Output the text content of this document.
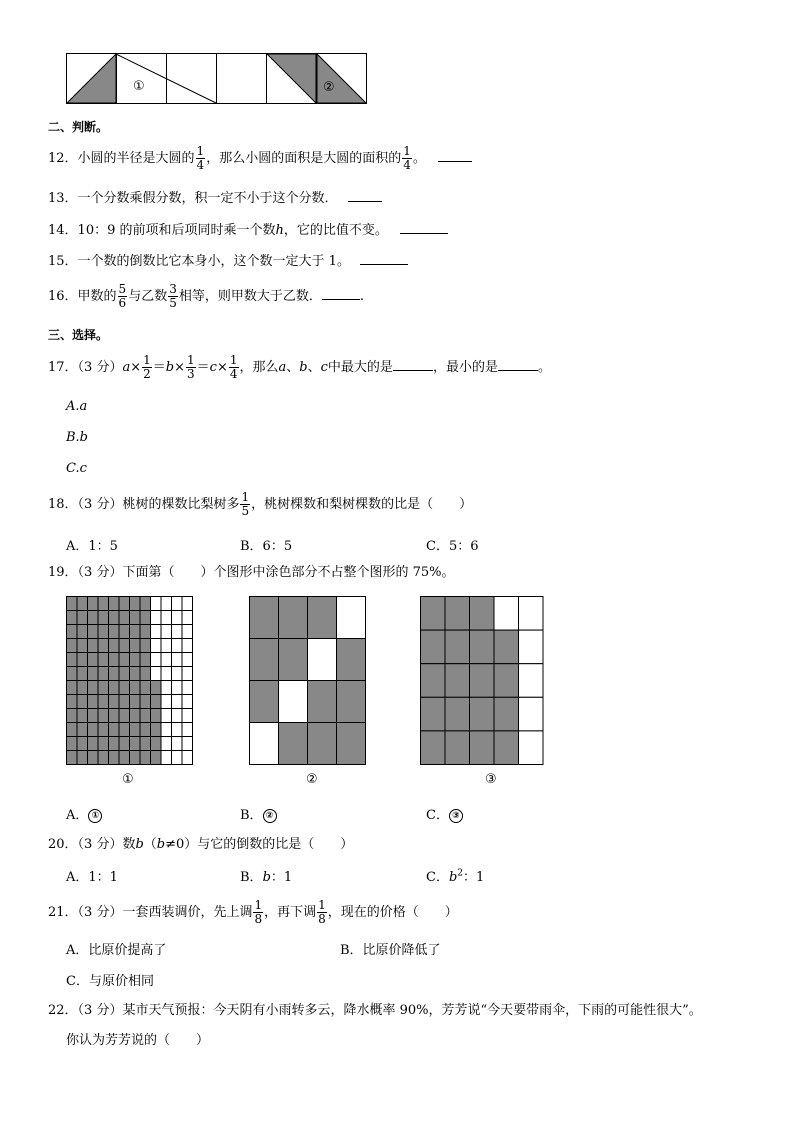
①	②
二、判断。
12．小圆的半径是大圆的 $\frac{1}{4}$ ，那么小圆的面积是大圆的面积的 $\frac{1}{4}$ 。
13．一个分数乘假分数，积一定不小于这个分数．
14．10：9 的前项和后项同时乘一个数h，它的比值不变。
15．一个数的倒数比它本身小，这个数一定大于 1。
16．甲数的 $\frac{5}{6}$ 与乙数 $\frac{3}{5}$ 相等，则甲数大于乙数．	.
三、选择。
17．（3 分）$a\times \frac{1}{2} =b\times \frac{1}{3} =c\times \frac{1}{4}$ ，那么a、b、c中最大的是	，最小的是	。
A.a
B.b
C.c
18．（3 分）桃树的棵数比梨树多 $\frac{1}{5}$ ，桃树棵数和梨树棵数的比是（　　）
A．1：5	B．6：5	C．5：6
19．（3 分）下面第（　　）个图形中涂色部分不占整个图形的 75%。
①	②	③
A． ①	B． ②	C． ③
20．（3 分）数b（b≠0）与它的倒数的比是（　　）
A．1：1	B．b：1	C．$b^2$：1
21．（3 分）一套西装调价，先上调 $\frac{1}{8}$ ，再下调 $\frac{1}{8}$ ，现在的价格（　　）
A．比原价提高了	B．比原价降低了
C．与原价相同
22．（3 分）某市天气预报：今天阴有小雨转多云，降水概率 90%，芳芳说“今天要带雨伞，下雨的可能性很大”。
你认为芳芳说的（　　）
